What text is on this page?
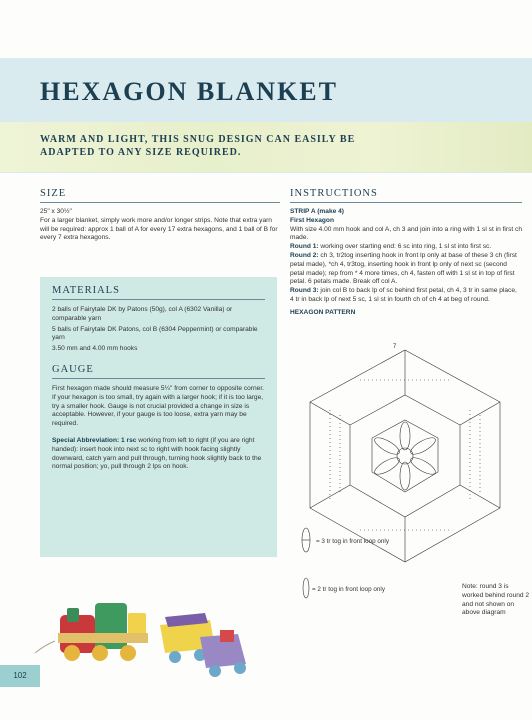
HEXAGON BLANKET
WARM AND LIGHT, THIS SNUG DESIGN CAN EASILY BE ADAPTED TO ANY SIZE REQUIRED.
SIZE
25" x 30½"
For a larger blanket, simply work more and/or longer strips. Note that extra yarn will be required: approx 1 ball of A for every 17 extra hexagons, and 1 ball of B for every 7 extra hexagons.
MATERIALS
2 balls of Fairytale DK by Patons (50g), col A (6302 Vanilla) or comparable yarn
5 balls of Fairytale DK Patons, col B (6304 Peppermint) or comparable yarn
3.50 mm and 4.00 mm hooks
GAUGE
First hexagon made should measure 5¼" from corner to opposite corner. If your hexagon is too small, try again with a larger hook; if it is too large, try a smaller hook. Gauge is not crucial provided a change in size is acceptable. However, if your gauge is too loose, extra yarn may be required.
Special Abbreviation: 1 rsc working from left to right (if you are right handed): insert hook into next sc to right with hook facing slightly downward, catch yarn and pull through, turning hook slightly back to the normal position; yo, pull through 2 lps on hook.
INSTRUCTIONS
STRIP A (make 4)
First Hexagon
With size 4.00 mm hook and col A, ch 3 and join into a ring with 1 sl st in first ch made.
Round 1: working over starting end: 6 sc into ring, 1 sl st into first sc.
Round 2: ch 3, tr2tog inserting hook in front lp only at base of these 3 ch (first petal made), *ch 4, tr3tog, inserting hook in front lp only of next sc (second petal made); rep from * 4 more times, ch 4, fasten off with 1 sl st in top of first petal. 6 petals made. Break off col A.
Round 3: join col B to back lp of sc behind first petal, ch 4, 3 tr in same place, 4 tr in back lp of next 5 sc, 1 sl st in fourth ch of ch 4 at beg of round.
HEXAGON PATTERN
7
= 3 tr tog in front loop only
= 2 tr tog in front loop only	Note: round 3 is worked behind round 2 and not shown on above diagram
102
